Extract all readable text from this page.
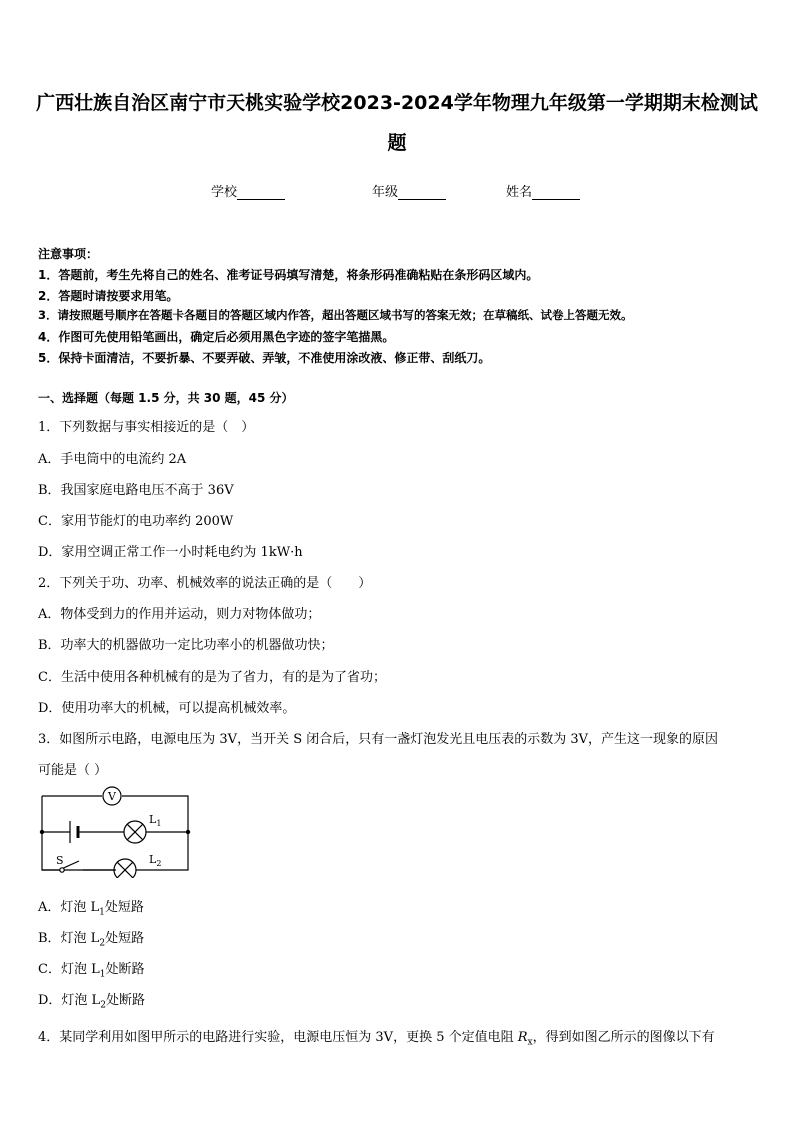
广西壮族自治区南宁市天桃实验学校2023-2024学年物理九年级第一学期期末检测试
题
学校	年级	姓名
注意事项：
1．答题前，考生先将自己的姓名、准考证号码填写清楚，将条形码准确粘贴在条形码区域内。
2．答题时请按要求用笔。
3．请按照题号顺序在答题卡各题目的答题区域内作答，超出答题区域书写的答案无效；在草稿纸、试卷上答题无效。
4．作图可先使用铅笔画出，确定后必须用黑色字迹的签字笔描黑。
5．保持卡面清洁，不要折暴、不要弄破、弄皱，不准使用涂改液、修正带、刮纸刀。
一、选择题（每题 1.5 分，共 30 题，45 分）
1．下列数据与事实相接近的是（　）
A．手电筒中的电流约 2A
B．我国家庭电路电压不高于 36V
C．家用节能灯的电功率约 200W
D．家用空调正常工作一小时耗电约为 1kW·h
2．下列关于功、功率、机械效率的说法正确的是（　　）
A．物体受到力的作用并运动，则力对物体做功；
B．功率大的机器做功一定比功率小的机器做功快；
C．生活中使用各种机械有的是为了省力，有的是为了省功；
D．使用功率大的机械，可以提高机械效率。
3．如图所示电路，电源电压为 3V，当开关 S 闭合后，只有一盏灯泡发光且电压表的示数为 3V，产生这一现象的原因
可能是（ ）
V
$L_1$
$L_2$
S
A．灯泡 $L_1$处短路
B．灯泡 $L_2$处短路
C．灯泡 $L_1$处断路
D．灯泡 $L_2$处断路
4．某同学利用如图甲所示的电路进行实验，电源电压恒为 3V，更换 5 个定值电阻 $R_x$，得到如图乙所示的图像以下有
